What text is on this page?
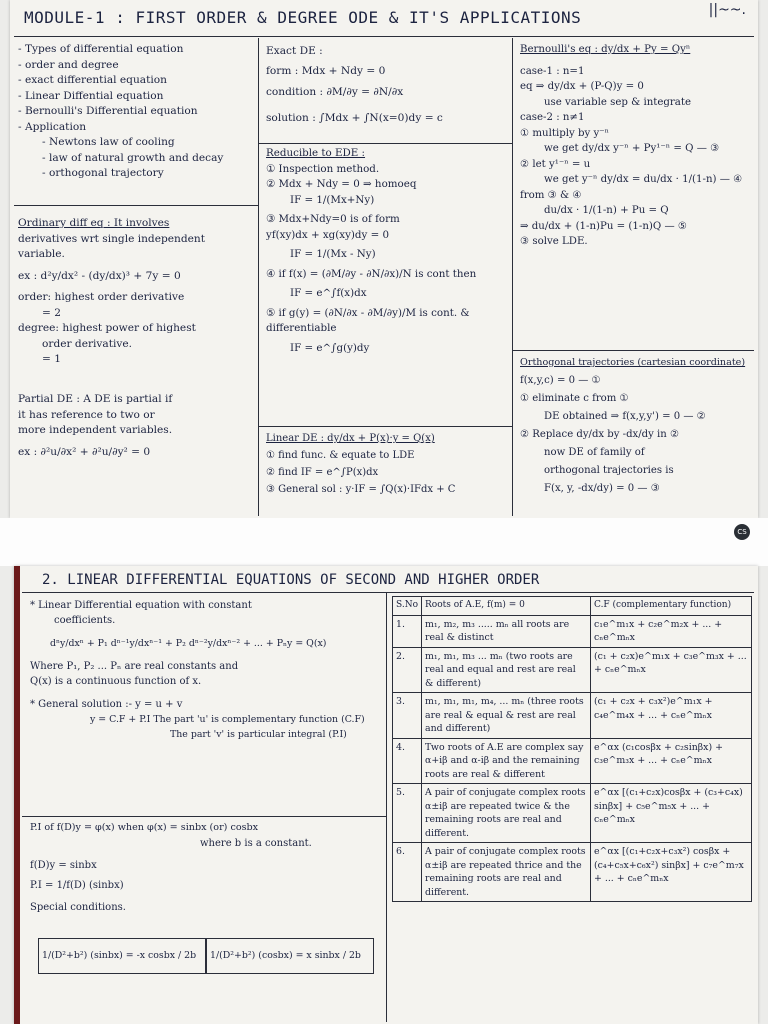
MODULE-1 : FIRST ORDER & DEGREE ODE & IT'S APPLICATIONS	||~~.
- Types of differential equation
- order and degree
- exact differential equation
- Linear Diffential equation
- Bernoulli's Differential equation
- Application
- Newtons law of cooling
- law of natural growth and decay
- orthogonal trajectory
Ordinary diff eq : It involves
derivatives wrt single independent
variable.
ex : d²y/dx² - (dy/dx)³ + 7y = 0
order: highest order derivative
= 2
degree: highest power of highest
order derivative.
= 1
Partial DE : A DE is partial if
it has reference to two or
more independent variables.
ex : ∂²u/∂x² + ∂²u/∂y² = 0
Exact DE :
form : Mdx + Ndy = 0
condition : ∂M/∂y = ∂N/∂x
solution : ∫Mdx + ∫N(x=0)dy = c
Reducible to EDE :
① Inspection method.
② Mdx + Ndy = 0 ⇒ homoeq
IF = 1/(Mx+Ny)
③ Mdx+Ndy=0 is of form
yf(xy)dx + xg(xy)dy = 0
IF = 1/(Mx - Ny)
④ if f(x) = (∂M/∂y - ∂N/∂x)/N is cont then
IF = e^∫f(x)dx
⑤ if g(y) = (∂N/∂x - ∂M/∂y)/M is cont. & differentiable
IF = e^∫g(y)dy
Linear DE : dy/dx + P(x)·y = Q(x)
① find func. & equate to LDE
② find IF = e^∫P(x)dx
③ General sol : y·IF = ∫Q(x)·IFdx + C
Bernoulli's eq : dy/dx + Py = Qyⁿ
case-1 : n=1
eq ⇒ dy/dx + (P-Q)y = 0
use variable sep & integrate
case-2 : n≠1
① multiply by y⁻ⁿ
we get dy/dx y⁻ⁿ + Py¹⁻ⁿ = Q — ③
② let y¹⁻ⁿ = u
we get y⁻ⁿ dy/dx = du/dx · 1/(1-n) — ④
from ③ & ④
du/dx · 1/(1-n) + Pu = Q
⇒ du/dx + (1-n)Pu = (1-n)Q — ⑤
③ solve LDE.
Orthogonal trajectories (cartesian coordinate)
f(x,y,c) = 0 — ①
① eliminate c from ①
DE obtained ⇒ f(x,y,y') = 0 — ②
② Replace dy/dx by -dx/dy in ②
now DE of family of
orthogonal trajectories is
F(x, y, -dx/dy) = 0 — ③
CS
2. LINEAR DIFFERENTIAL EQUATIONS OF SECOND AND HIGHER ORDER
* Linear Differential equation with constant
coefficients.
dⁿy/dxⁿ + P₁ dⁿ⁻¹y/dxⁿ⁻¹ + P₂ dⁿ⁻²y/dxⁿ⁻² + ... + Pₙy = Q(x)
Where P₁, P₂ ... Pₙ are real constants and
Q(x) is a continuous function of x.
* General solution :- y = u + v
y = C.F + P.I The part 'u' is complementary function (C.F)
The part 'v' is particular integral (P.I)
P.I of f(D)y = φ(x) when φ(x) = sinbx (or) cosbx
where b is a constant.
f(D)y = sinbx
P.I = 1/f(D) (sinbx)
Special conditions.
1/(D²+b²) (sinbx) = -x cosbx / 2b	1/(D²+b²) (cosbx) = x sinbx / 2b
S.No	Roots of A.E, f(m) = 0	C.F (complementary function)
1.	m₁, m₂, m₃ ..... mₙ all roots are real & distinct	c₁e^m₁x + c₂e^m₂x + ... + cₙe^mₙx
2.	m₁, m₁, m₃ ... mₙ (two roots are real and equal and rest are real & different)	(c₁ + c₂x)e^m₁x + c₃e^m₃x + ... + cₙe^mₙx
3.	m₁, m₁, m₁, m₄, ... mₙ (three roots are real & equal & rest are real and different)	(c₁ + c₂x + c₃x²)e^m₁x + c₄e^m₄x + ... + cₙe^mₙx
4.	Two roots of A.E are complex say α+iβ and α-iβ and the remaining roots are real & different	e^αx (c₁cosβx + c₂sinβx) + c₃e^m₃x + ... + cₙe^mₙx
5.	A pair of conjugate complex roots α±iβ are repeated twice & the remaining roots are real and different.	e^αx [(c₁+c₂x)cosβx + (c₃+c₄x) sinβx] + c₅e^m₅x + ... + cₙe^mₙx
6.	A pair of conjugate complex roots α±iβ are repeated thrice and the remaining roots are real and different.	e^αx [(c₁+c₂x+c₃x²) cosβx + (c₄+c₅x+c₆x²) sinβx] + c₇e^m₇x + ... + cₙe^mₙx
